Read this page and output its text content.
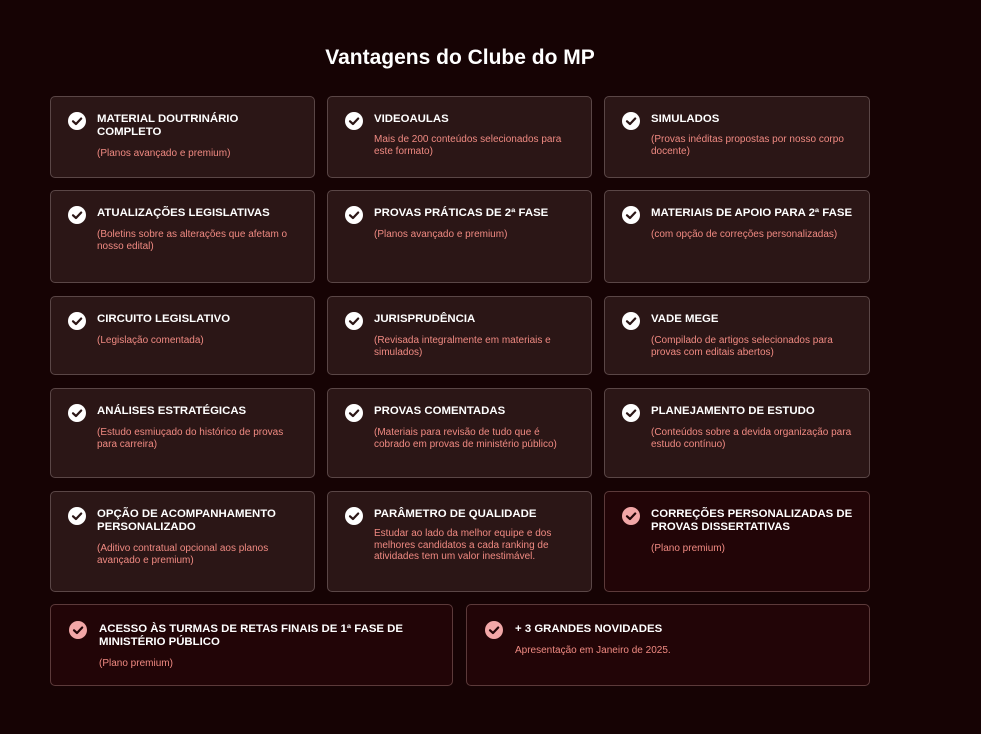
Vantagens do Clube do MP
MATERIAL DOUTRINÁRIO COMPLETO
(Planos avançado e premium)
VIDEOAULAS
Mais de 200 conteúdos selecionados para este formato)
SIMULADOS
(Provas inéditas propostas por nosso corpo docente)
ATUALIZAÇÕES LEGISLATIVAS
(Boletins sobre as alterações que afetam o nosso edital)
PROVAS PRÁTICAS DE 2ª FASE
(Planos avançado e premium)
MATERIAIS DE APOIO PARA 2ª FASE
(com opção de correções personalizadas)
CIRCUITO LEGISLATIVO
(Legislação comentada)
JURISPRUDÊNCIA
(Revisada integralmente em materiais e simulados)
VADE MEGE
(Compilado de artigos selecionados para provas com editais abertos)
ANÁLISES ESTRATÉGICAS
(Estudo esmiuçado do histórico de provas para carreira)
PROVAS COMENTADAS
(Materiais para revisão de tudo que é cobrado em provas de ministério público)
PLANEJAMENTO DE ESTUDO
(Conteúdos sobre a devida organização para estudo contínuo)
OPÇÃO DE ACOMPANHAMENTO PERSONALIZADO
(Aditivo contratual opcional aos planos avançado e premium)
PARÂMETRO DE QUALIDADE
Estudar ao lado da melhor equipe e dos melhores candidatos a cada ranking de atividades tem um valor inestimável.
CORREÇÕES PERSONALIZADAS DE PROVAS DISSERTATIVAS
(Plano premium)
ACESSO ÀS TURMAS DE RETAS FINAIS DE 1ª FASE DE MINISTÉRIO PÚBLICO
(Plano premium)
+ 3 GRANDES NOVIDADES
Apresentação em Janeiro de 2025.
